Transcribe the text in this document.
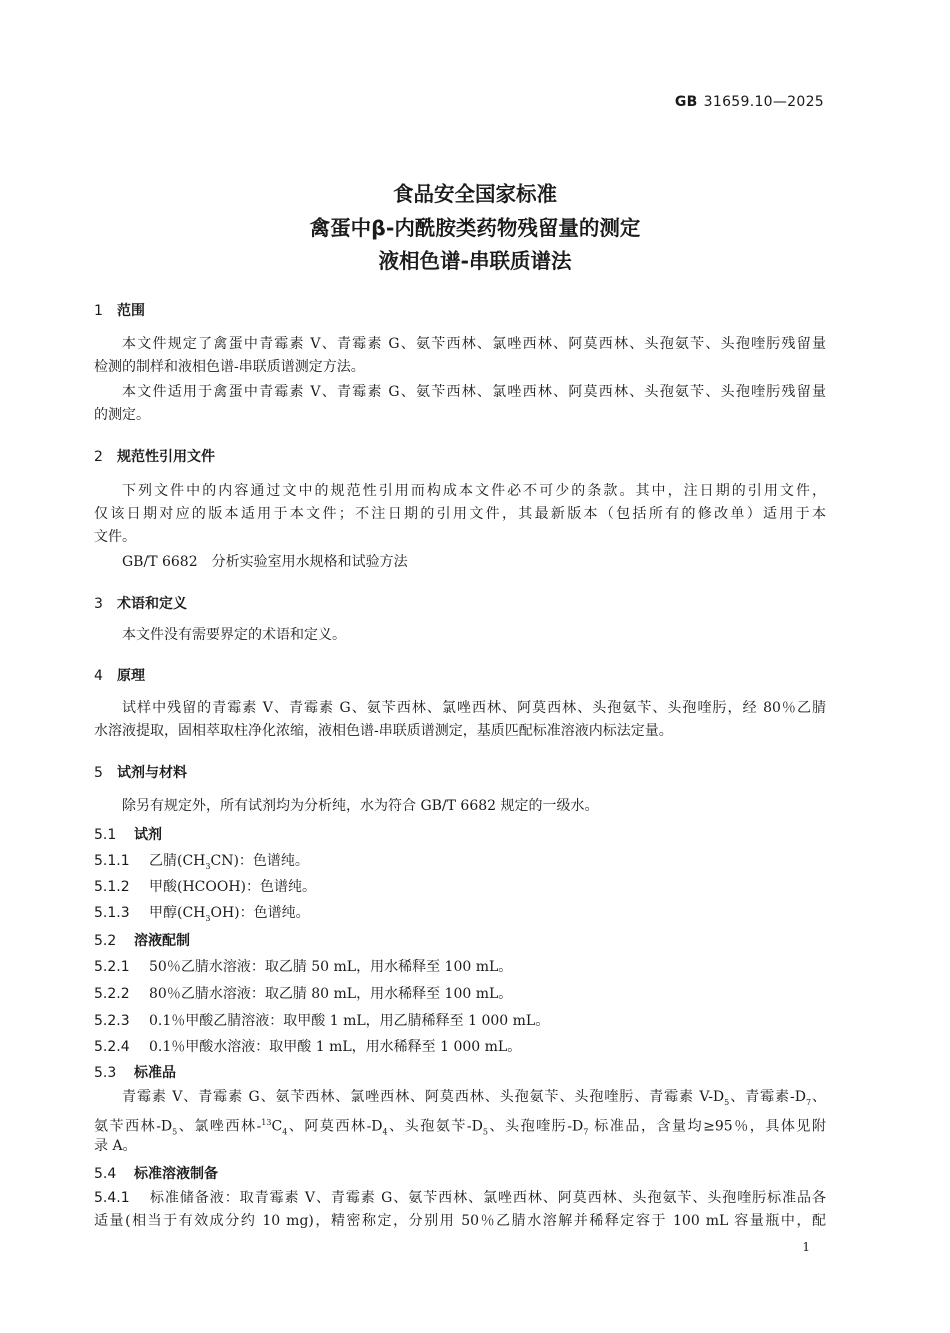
GB 31659.10—2025
食品安全国家标准
禽蛋中β-内酰胺类药物残留量的测定
液相色谱-串联质谱法
1 范围
本文件规定了禽蛋中青霉素 V、青霉素 G、氨苄西林、氯唑西林、阿莫西林、头孢氨苄、头孢喹肟残留量
检测的制样和液相色谱-串联质谱测定方法。
本文件适用于禽蛋中青霉素 V、青霉素 G、氨苄西林、氯唑西林、阿莫西林、头孢氨苄、头孢喹肟残留量
的测定。
2 规范性引用文件
下列文件中的内容通过文中的规范性引用而构成本文件必不可少的条款。其中，注日期的引用文件，
仅该日期对应的版本适用于本文件；不注日期的引用文件，其最新版本（包括所有的修改单）适用于本
文件。
GB/T 6682　分析实验室用水规格和试验方法
3 术语和定义
本文件没有需要界定的术语和定义。
4 原理
试样中残留的青霉素 V、青霉素 G、氨苄西林、氯唑西林、阿莫西林、头孢氨苄、头孢喹肟，经 80％乙腈
水溶液提取，固相萃取柱净化浓缩，液相色谱-串联质谱测定，基质匹配标准溶液内标法定量。
5 试剂与材料
除另有规定外，所有试剂均为分析纯，水为符合 GB/T 6682 规定的一级水。
5.1 试剂
5.1.1 乙腈$(CH_3CN)$：色谱纯。
5.1.2 甲酸(HCOOH)：色谱纯。
5.1.3 甲醇$(CH_3OH)$：色谱纯。
5.2 溶液配制
5.2.1 50％乙腈水溶液：取乙腈 50 mL，用水稀释至 100 mL。
5.2.2 80％乙腈水溶液：取乙腈 80 mL，用水稀释至 100 mL。
5.2.3 0.1％甲酸乙腈溶液：取甲酸 1 mL，用乙腈稀释至 1 000 mL。
5.2.4 0.1％甲酸水溶液：取甲酸 1 mL，用水稀释至 1 000 mL。
5.3 标准品
青霉素 V、青霉素 G、氨苄西林、氯唑西林、阿莫西林、头孢氨苄、头孢喹肟、青霉素 $V-D_5$、青霉素$-D_7$、
氨苄西林$-D_5$、氯唑西林$-^{13}C_4$、阿莫西林$-D_4$、头孢氨苄$-D_5$、头孢喹肟$-D_7$ 标准品，含量均≥95％，具体见附
录 A。
5.4 标准溶液制备
5.4.1 标准储备液：取青霉素 V、青霉素 G、氨苄西林、氯唑西林、阿莫西林、头孢氨苄、头孢喹肟标准品各
适量(相当于有效成分约 10 mg)，精密称定，分别用 50％乙腈水溶解并稀释定容于 100 mL 容量瓶中，配
1
